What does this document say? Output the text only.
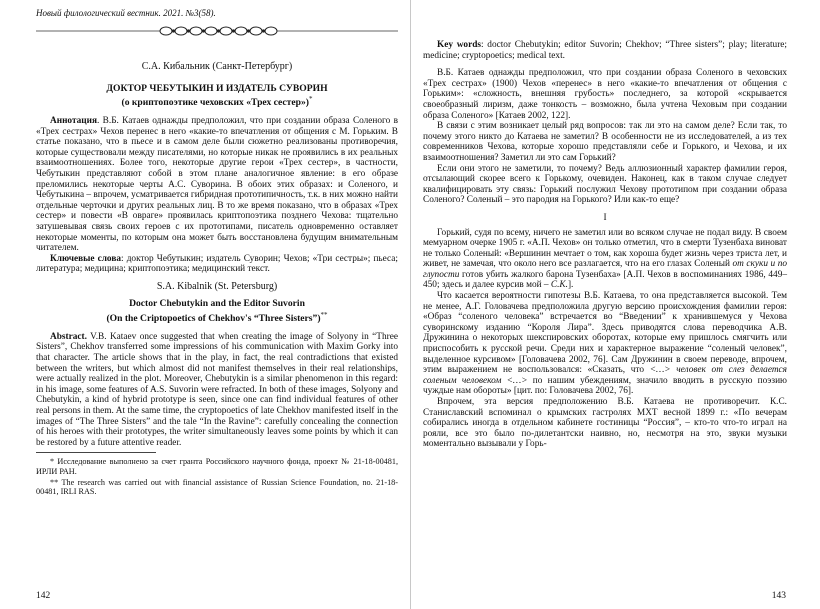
Новый филологический вестник. 2021. №3(58).

С.А. Кибальник (Санкт-Петербург)

ДОКТОР ЧЕБУТЫКИН И ИЗДАТЕЛЬ СУВОРИН

(о криптопоэтике чеховских «Трех сестер»)*

Аннотация. В.Б. Катаев однажды предположил, что при создании образа Соленого в «Трех сестрах» Чехов перенес в него «какие-то впечатления от общения с М. Горьким. В статье показано, что в пьесе и в самом деле были сюжетно реализованы противоречия, которые существовали между писателями, но которые никак не проявились в их реальных взаимоотношениях. Более того, некоторые другие герои «Трех сестер», в частности, Чебутыкин представляют собой в этом плане аналогичное явление: в его образе преломились некоторые черты А.С. Суворина. В обоих этих образах: и Соленого, и Чебутыкина – впрочем, усматривается гибридная прототипичность, т.к. в них можно найти отдельные черточки и других реальных лиц. В то же время показано, что в образах «Трех сестер» и повести «В овраге» проявилась криптопоэтика позднего Чехова: тщательно затушевывая связь своих героев с их прототипами, писатель одновременно оставляет некоторые моменты, по которым она может быть восстановлена будущим внимательным читателем.

Ключевые слова: доктор Чебутыкин; издатель Суворин; Чехов; «Три сестры»; пьеса; литература; медицина; криптопоэтика; медицинский текст.

S.A. Kibalnik (St. Petersburg)

Doctor Chebutykin and the Editor Suvorin

(On the Criptopoetics of Chekhov's “Three Sisters”)**

Abstract. V.B. Kataev once suggested that when creating the image of Solyony in “Three Sisters”, Chekhov transferred some impressions of his communication with Maxim Gorky into that character. The article shows that in the play, in fact, the real contradictions that existed between the writers, but which almost did not manifest themselves in their real relationships, were actually realized in the plot. Moreover, Chebutykin is a similar phenomenon in this regard: in his image, some features of A.S. Suvorin were refracted. In both of these images, Solyony and Chebutykin, a kind of hybrid prototype is seen, since one can find individual features of other real persons in them. At the same time, the cryptopoetics of late Chekhov manifested itself in the images of “The Three Sisters” and the tale “In the Ravine”: carefully concealing the connection of his heroes with their prototypes, the writer simultaneously leaves some points by which it can be restored by a future attentive reader.

* Исследование выполнено за счет гранта Российского научного фонда, проект № 21-18-00481, ИРЛИ РАН.

** The research was carried out with financial assistance of Russian Science Foundation, no. 21-18-00481, IRLI RAS.

142

Key words: doctor Chebutykin; editor Suvorin; Chekhov; “Three sisters”; play; literature; medicine; cryptopoetics; medical text.

В.Б. Катаев однажды предположил, что при создании образа Соленого в чеховских «Трех сестрах» (1900) Чехов «перенес» в него «какие-то впечатления от общения с Горьким»: «сложность, внешняя грубость» последнего, за которой «скрывается своеобразный лиризм, даже тонкость – возможно, была учтена Чеховым при создании образа Соленого» [Катаев 2002, 122].

В связи с этим возникает целый ряд вопросов: так ли это на самом деле? Если так, то почему этого никто до Катаева не заметил? В особенности не из исследователей, а из тех современников Чехова, которые хорошо представляли себе и Горького, и Чехова, и их взаимоотношения? Заметил ли это сам Горький?

Если они этого не заметили, то почему? Ведь аллюзионный характер фамилии героя, отсылающий скорее всего к Горькому, очевиден. Наконец, как в таком случае следует квалифицировать эту связь: Горький послужил Чехову прототипом при создании образа Соленого? Соленый – это пародия на Горького? Или как-то еще?

I

Горький, судя по всему, ничего не заметил или во всяком случае не подал виду. В своем мемуарном очерке 1905 г. «А.П. Чехов» он только отметил, что в смерти Тузенбаха виноват не только Соленый: «Вершинин мечтает о том, как хороша будет жизнь через триста лет, и живет, не замечая, что около него все разлагается, что на его глазах Соленый от скуки и по глупости готов убить жалкого барона Тузенбаха» [А.П. Чехов в воспоминаниях 1986, 449–450; здесь и далее курсив мой – С.К.].

Что касается вероятности гипотезы В.Б. Катаева, то она представляется высокой. Тем не менее, А.Г. Головачева предположила другую версию происхождения фамилии героя: «Образ “соленого человека” встречается во “Введении” к хранившемуся у Чехова суворинскому изданию “Короля Лира”. Здесь приводятся слова переводчика А.В. Дружинина о некоторых шекспировских оборотах, которые ему пришлось смягчить или приспособить к русской речи. Среди них и характерное выражение “соленый человек”, выделенное курсивом» [Головачева 2002, 76]. Сам Дружинин в своем переводе, впрочем, этим выражением не воспользовался: «Сказать, что <…> человек от слез делается соленым человеком <…> по нашим убеждениям, значило вводить в русскую поэзию чуждые нам обороты» [цит. по: Головачева 2002, 76].

Впрочем, эта версия предположению В.Б. Катаева не противоречит. К.С. Станиславский вспоминал о крымских гастролях МХТ весной 1899 г.: «По вечерам собирались иногда в отдельном кабинете гостиницы “Россия”, – кто-то что-то играл на рояли, все это было по-дилетантски наивно, но, несмотря на это, звуки музыки моментально вызывали у Горь-

143
